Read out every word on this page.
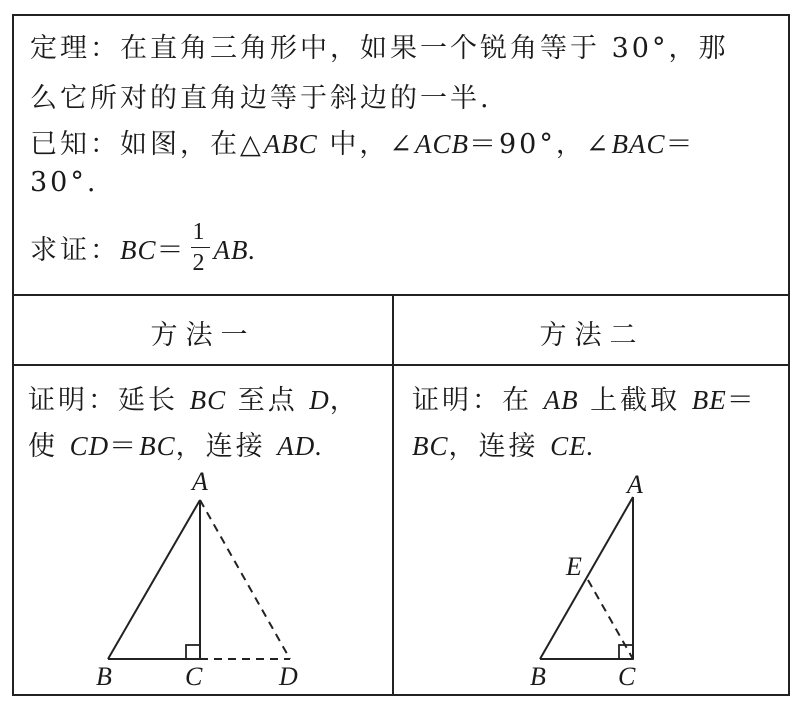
定理：在直角三角形中，如果一个锐角等于 30°，那
么它所对的直角边等于斜边的一半.
已知：如图，在△ABC 中，∠ACB＝90°，∠BAC＝
30°.
求证：$BC= \frac{1}{2}$ AB.
方法一	方法二
证明：延长 BC 至点 D，
使 CD＝BC，连接 AD.
证明：在 AB 上截取 BE＝
BC，连接 CE.
A
B	C	D
A
E
B	C
